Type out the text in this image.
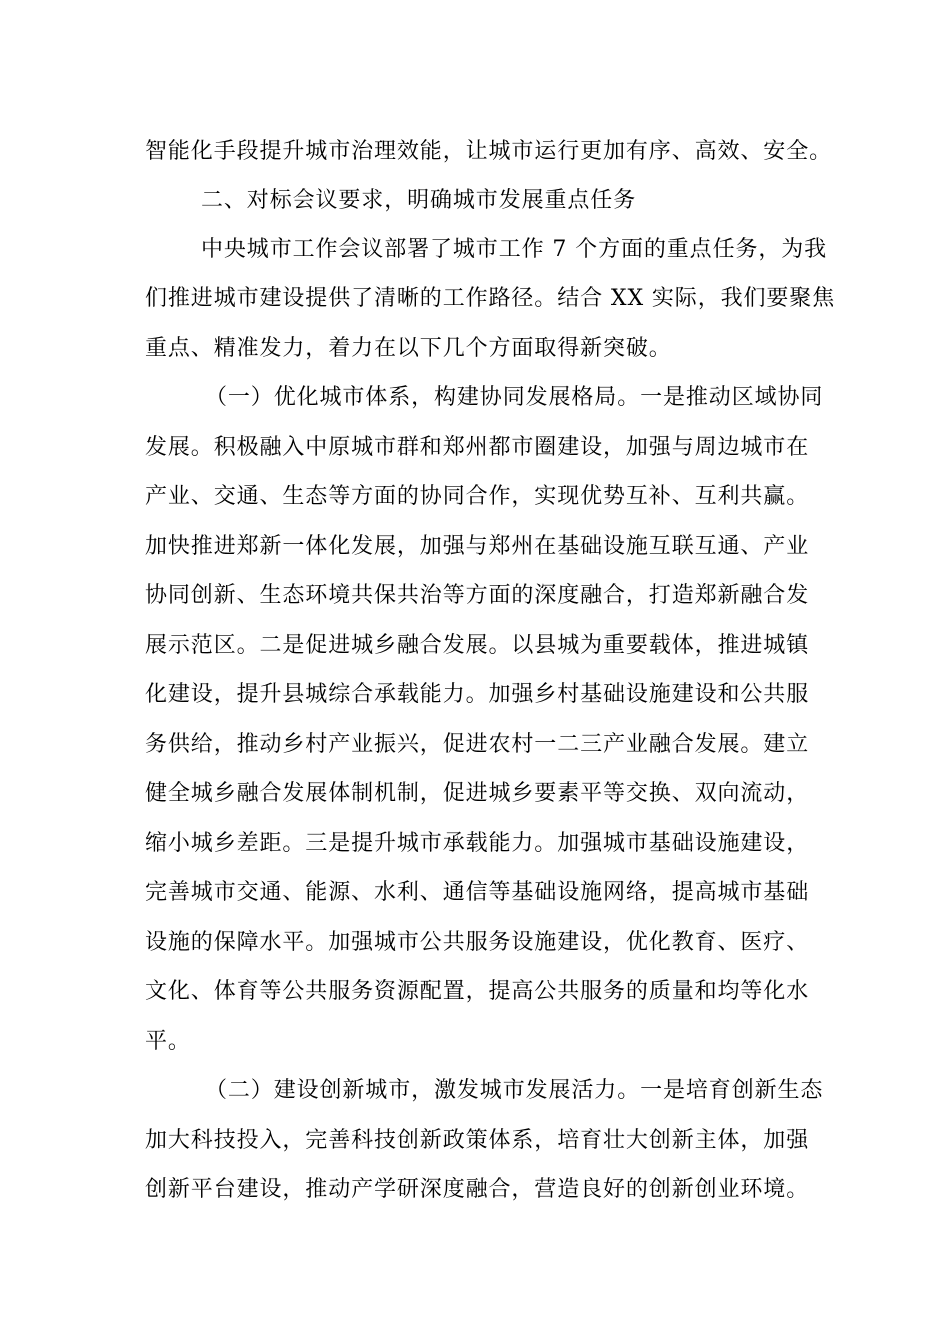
智能化手段提升城市治理效能，让城市运行更加有序、高效、安全。
二、对标会议要求，明确城市发展重点任务
中央城市工作会议部署了城市工作 7 个方面的重点任务，为我
们推进城市建设提供了清晰的工作路径。结合 XX 实际，我们要聚焦
重点、精准发力，着力在以下几个方面取得新突破。
（一）优化城市体系，构建协同发展格局。一是推动区域协同
发展。积极融入中原城市群和郑州都市圈建设，加强与周边城市在
产业、交通、生态等方面的协同合作，实现优势互补、互利共赢。
加快推进郑新一体化发展，加强与郑州在基础设施互联互通、产业
协同创新、生态环境共保共治等方面的深度融合，打造郑新融合发
展示范区。二是促进城乡融合发展。以县城为重要载体，推进城镇
化建设，提升县城综合承载能力。加强乡村基础设施建设和公共服
务供给，推动乡村产业振兴，促进农村一二三产业融合发展。建立
健全城乡融合发展体制机制，促进城乡要素平等交换、双向流动，
缩小城乡差距。三是提升城市承载能力。加强城市基础设施建设，
完善城市交通、能源、水利、通信等基础设施网络，提高城市基础
设施的保障水平。加强城市公共服务设施建设，优化教育、医疗、
文化、体育等公共服务资源配置，提高公共服务的质量和均等化水
平。
（二）建设创新城市，激发城市发展活力。一是培育创新生态
加大科技投入，完善科技创新政策体系，培育壮大创新主体，加强
创新平台建设，推动产学研深度融合，营造良好的创新创业环境。
